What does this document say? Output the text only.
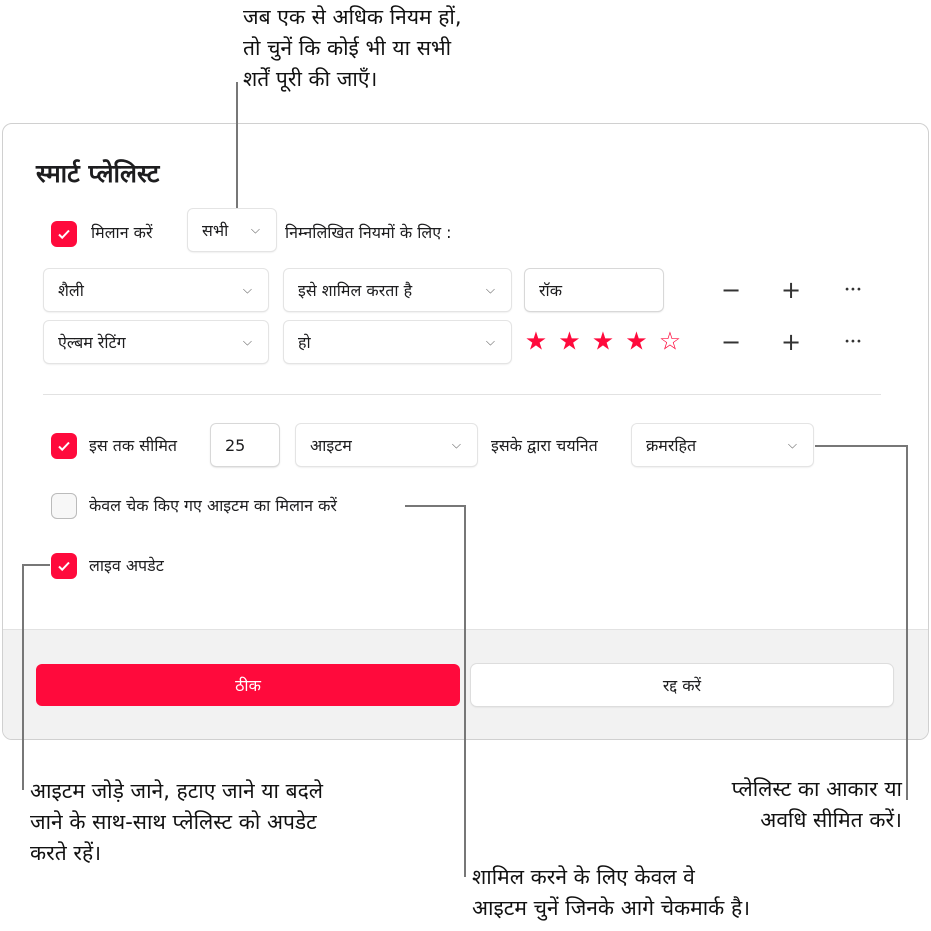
जब एक से अधिक नियम हों,
तो चुनें कि कोई भी या सभी
शर्तें पूरी की जाएँ।
आइटम जोड़े जाने, हटाए जाने या बदले
जाने के साथ-साथ प्लेलिस्ट को अपडेट
करते रहें।
प्लेलिस्ट का आकार या
अवधि सीमित करें।
शामिल करने के लिए केवल वे
आइटम चुनें जिनके आगे चेकमार्क है।
स्मार्ट प्लेलिस्ट
मिलान करें	सभी ⌵ निम्नलिखित नियमों के लिए :
शैली	⌵	इसे शामिल करता है	⌵	रॉक	− +	•••
ऐल्बम रेटिंग	⌵	हो	⌵ ★ ★ ★ ★ ☆ − +	•••
इस तक सीमित	25	आइटम	⌵ इसके द्वारा चयनित	क्रमरहित	⌵
केवल चेक किए गए आइटम का मिलान करें
लाइव अपडेट
ठीक	रद्द करें
